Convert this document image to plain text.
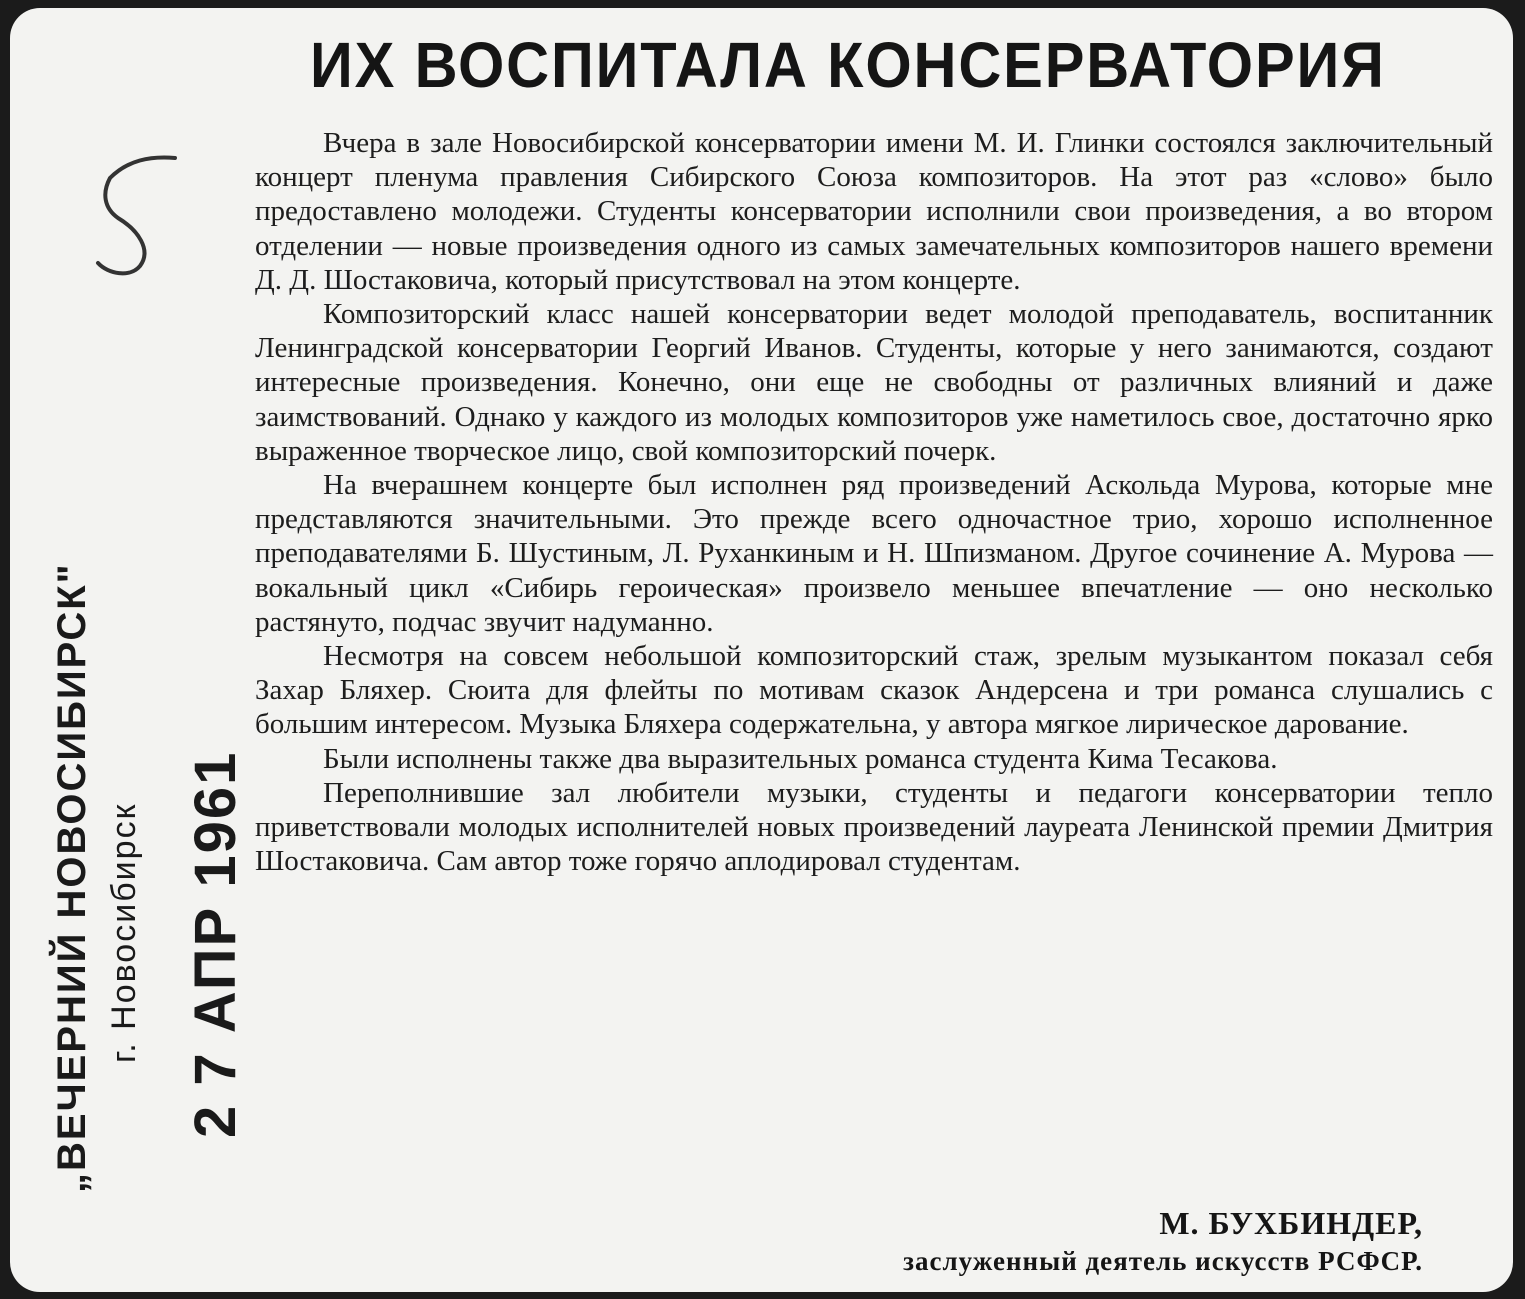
„ВЕЧЕРНИЙ НОВОСИБИРСК" г. Новосибирск 2 7 АПР 1961
ИХ ВОСПИТАЛА КОНСЕРВАТОРИЯ

Вчера в зале Новосибирской консерватории имени М. И. Глинки состоялся заключительный концерт пленума правления Сибирского Союза композиторов. На этот раз «слово» было предоставлено молодежи. Студенты консерватории исполнили свои произведения, а во втором отделении — новые произведения одного из самых замечательных композиторов нашего времени Д. Д. Шостаковича, который присутствовал на этом концерте.

Композиторский класс нашей консерватории ведет молодой преподаватель, воспитанник Ленинградской консерватории Георгий Иванов. Студенты, которые у него занимаются, создают интересные произведения. Конечно, они еще не свободны от различных влияний и даже заимствований. Однако у каждого из молодых композиторов уже наметилось свое, достаточно ярко выраженное творческое лицо, свой композиторский почерк.

На вчерашнем концерте был исполнен ряд произведений Аскольда Мурова, которые мне представляются значительными. Это прежде всего одночастное трио, хорошо исполненное преподавателями Б. Шустиным, Л. Руханкиным и Н. Шпизманом. Другое сочинение А. Мурова — вокальный цикл «Сибирь героическая» произвело меньшее впечатление — оно несколько растянуто, подчас звучит надуманно.

Несмотря на совсем небольшой композиторский стаж, зрелым музыкантом показал себя Захар Бляхер. Сюита для флейты по мотивам сказок Андерсена и три романса слушались с большим интересом. Музыка Бляхера содержательна, у автора мягкое лирическое дарование.

Были исполнены также два выразительных романса студента Кима Тесакова.

Переполнившие зал любители музыки, студенты и педагоги консерватории тепло приветствовали молодых исполнителей новых произведений лауреата Ленинской премии Дмитрия Шостаковича. Сам автор тоже горячо аплодировал студентам.

М. БУХБИНДЕР,
заслуженный деятель искусств РСФСР.
